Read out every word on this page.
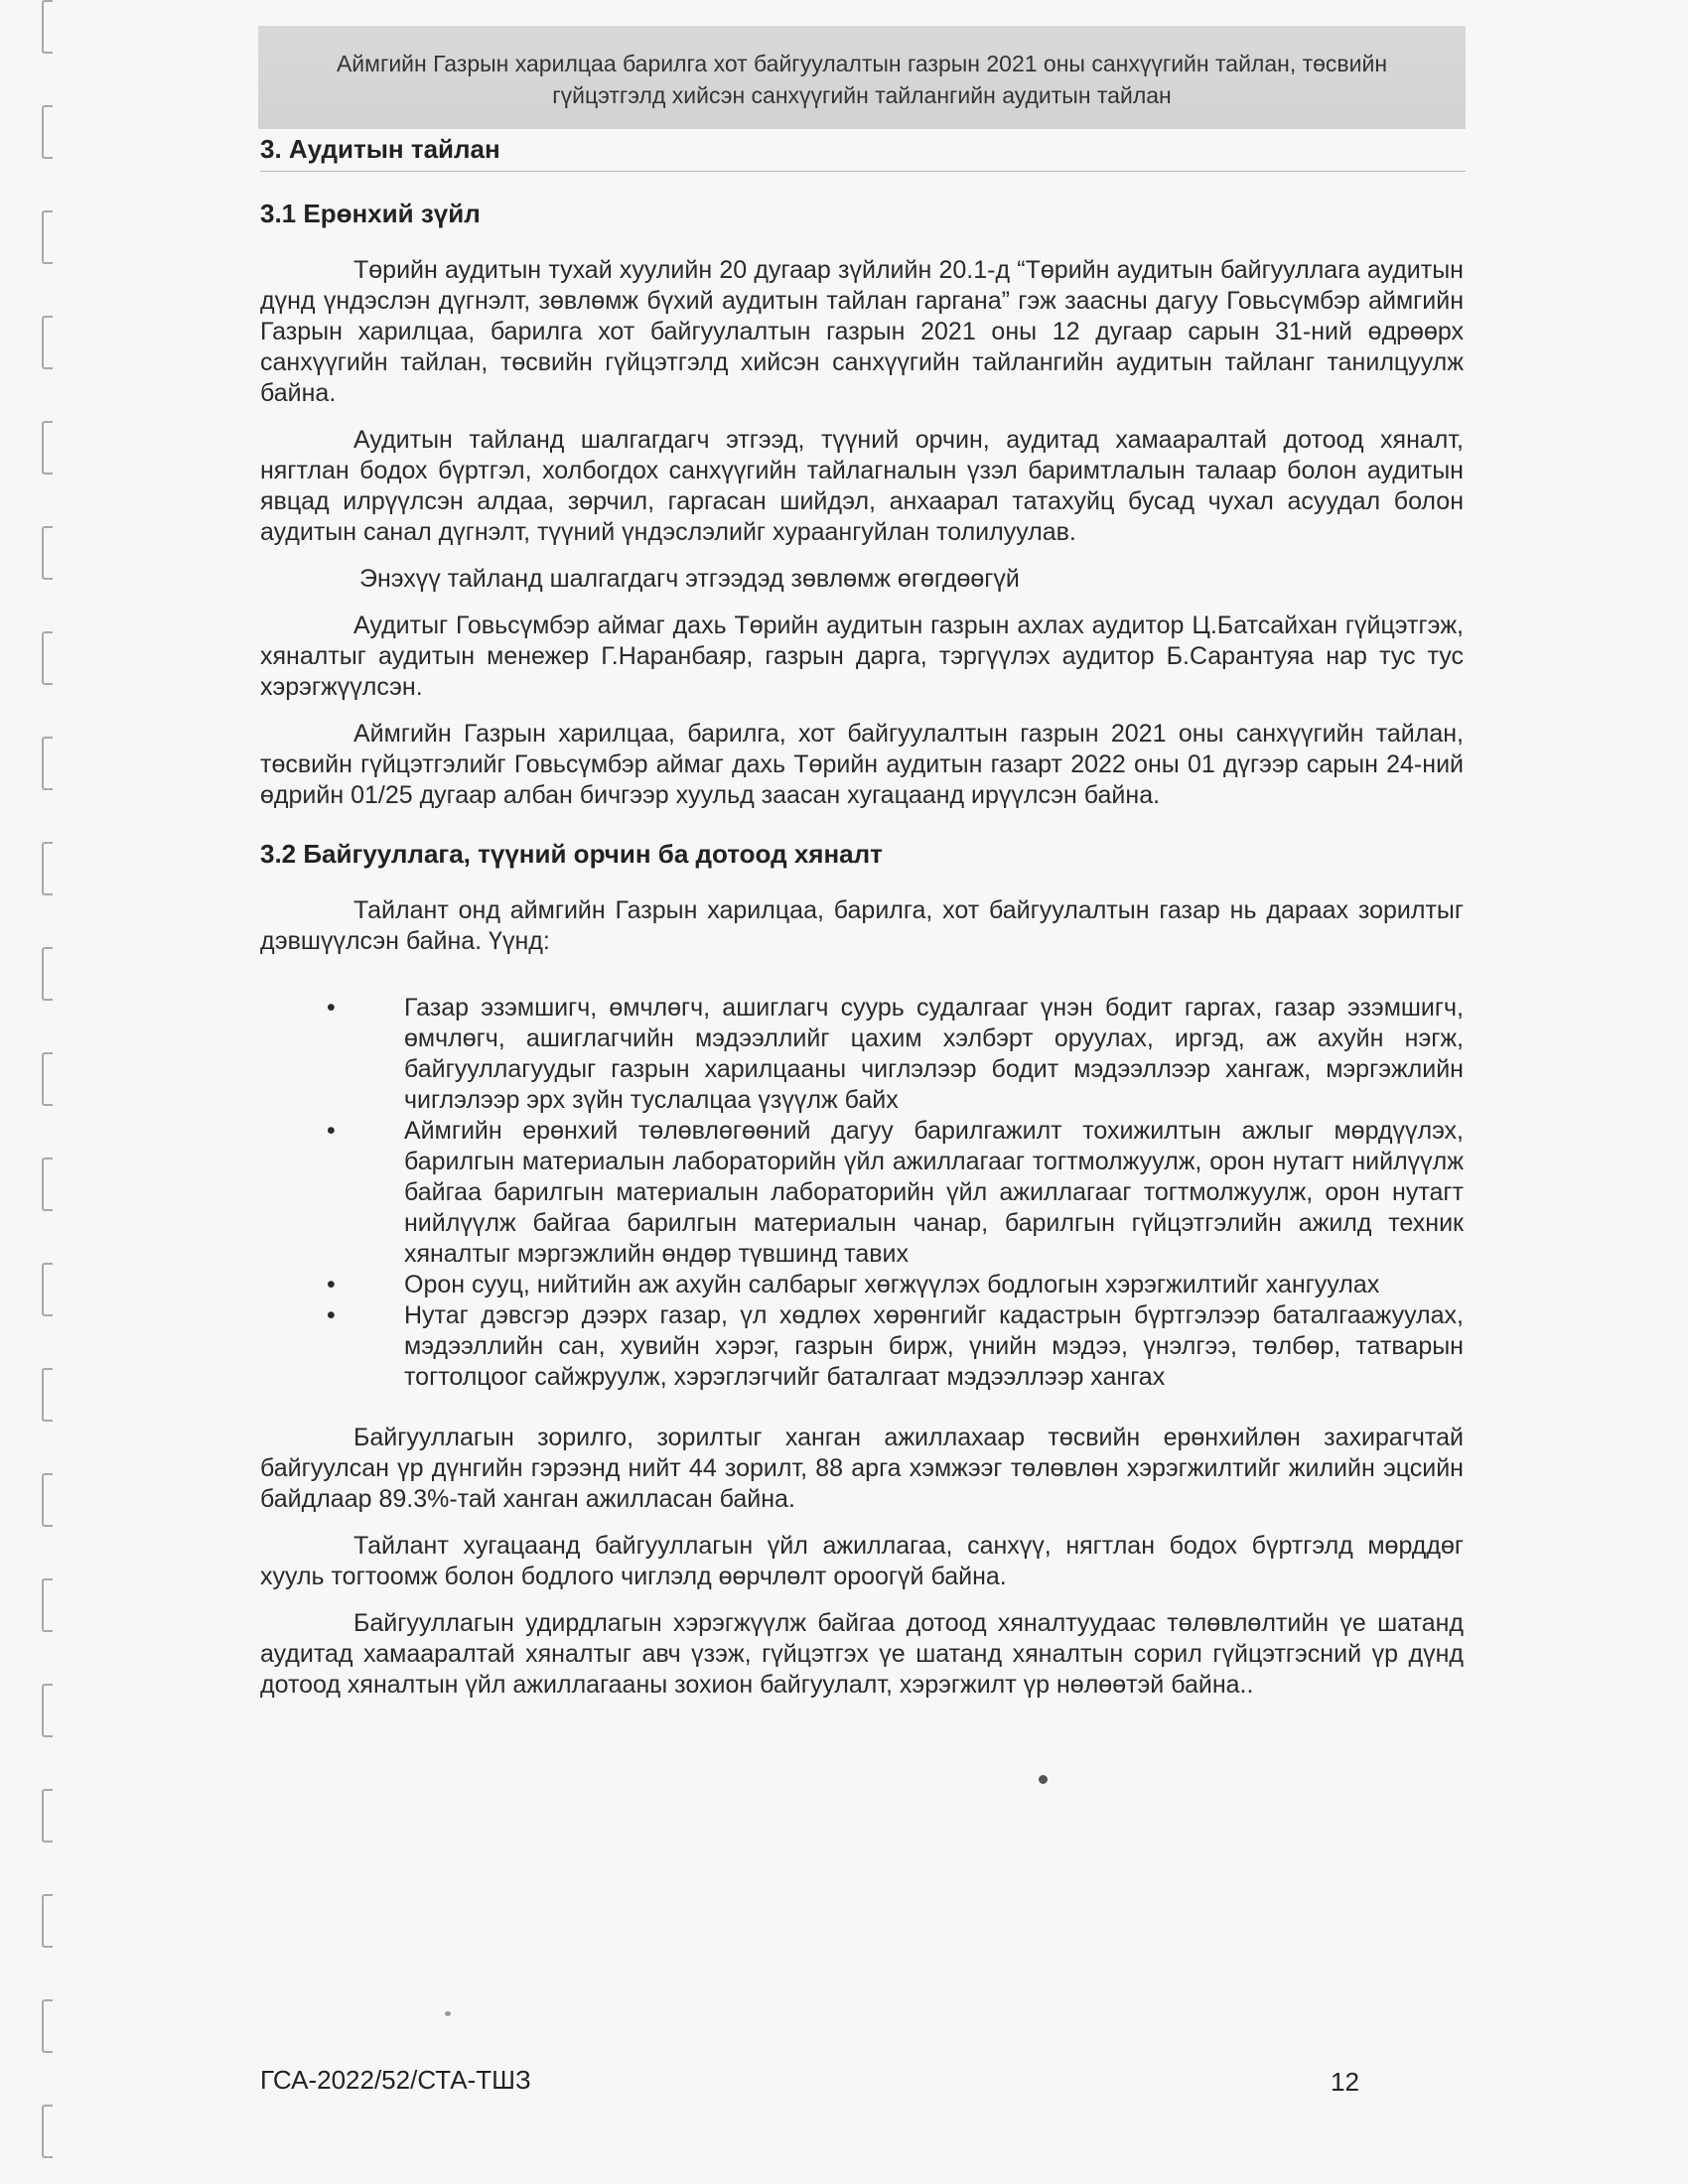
Аймгийн Газрын харилцаа барилга хот байгуулалтын газрын 2021 оны санхүүгийн тайлан, төсвийн
гүйцэтгэлд хийсэн санхүүгийн тайлангийн аудитын тайлан
3. Аудитын тайлан
3.1 Ерөнхий зүйл

Төрийн аудитын тухай хуулийн 20 дугаар зүйлийн 20.1-д “Төрийн аудитын байгууллага аудитын дүнд үндэслэн дүгнэлт, зөвлөмж бүхий аудитын тайлан гаргана” гэж заасны дагуу Говьсүмбэр аймгийн Газрын харилцаа, барилга хот байгуулалтын газрын 2021 оны 12 дугаар сарын 31-ний өдрөөрх санхүүгийн тайлан, төсвийн гүйцэтгэлд хийсэн санхүүгийн тайлангийн аудитын тайланг танилцуулж байна.

Аудитын тайланд шалгагдагч этгээд, түүний орчин, аудитад хамааралтай дотоод хяналт, нягтлан бодох бүртгэл, холбогдох санхүүгийн тайлагналын үзэл баримтлалын талаар болон аудитын явцад илрүүлсэн алдаа, зөрчил, гаргасан шийдэл, анхаарал татахуйц бусад чухал асуудал болон аудитын санал дүгнэлт, түүний үндэслэлийг хураангуйлан толилуулав.

Энэхүү тайланд шалгагдагч этгээдэд зөвлөмж өгөгдөөгүй

Аудитыг Говьсүмбэр аймаг дахь Төрийн аудитын газрын ахлах аудитор Ц.Батсайхан гүйцэтгэж, хяналтыг аудитын менежер Г.Наранбаяр, газрын дарга, тэргүүлэх аудитор Б.Сарантуяа нар тус тус хэрэгжүүлсэн.

Аймгийн Газрын харилцаа, барилга, хот байгуулалтын газрын 2021 оны санхүүгийн тайлан, төсвийн гүйцэтгэлийг Говьсүмбэр аймаг дахь Төрийн аудитын газарт 2022 оны 01 дүгээр сарын 24-ний өдрийн 01/25 дугаар албан бичгээр хуульд заасан хугацаанд ирүүлсэн байна.

3.2 Байгууллага, түүний орчин ба дотоод хяналт

Тайлант онд аймгийн Газрын харилцаа, барилга, хот байгуулалтын газар нь дараах зорилтыг дэвшүүлсэн байна. Үүнд:

•	Газар эзэмшигч, өмчлөгч, ашиглагч суурь судалгааг үнэн бодит гаргах, газар эзэмшигч, өмчлөгч, ашиглагчийн мэдээллийг цахим хэлбэрт оруулах, иргэд, аж ахуйн нэгж, байгууллагуудыг газрын харилцааны чиглэлээр бодит мэдээллээр хангаж, мэргэжлийн чиглэлээр эрх зүйн туслалцаа үзүүлж байх
•	Аймгийн ерөнхий төлөвлөгөөний дагуу барилгажилт тохижилтын ажлыг мөрдүүлэх, барилгын материалын лабораторийн үйл ажиллагааг тогтмолжуулж, орон нутагт нийлүүлж байгаа барилгын материалын лабораторийн үйл ажиллагааг тогтмолжуулж, орон нутагт нийлүүлж байгаа барилгын материалын чанар, барилгын гүйцэтгэлийн ажилд техник хяналтыг мэргэжлийн өндөр түвшинд тавих
•	Орон сууц, нийтийн аж ахуйн салбарыг хөгжүүлэх бодлогын хэрэгжилтийг хангуулах
•	Нутаг дэвсгэр дээрх газар, үл хөдлөх хөрөнгийг кадастрын бүртгэлээр баталгаажуулах, мэдээллийн сан, хувийн хэрэг, газрын бирж, үнийн мэдээ, үнэлгээ, төлбөр, татварын тогтолцоог сайжруулж, хэрэглэгчийг баталгаат мэдээллээр хангах

Байгууллагын зорилго, зорилтыг ханган ажиллахаар төсвийн ерөнхийлөн захирагчтай байгуулсан үр дүнгийн гэрээнд нийт 44 зорилт, 88 арга хэмжээг төлөвлөн хэрэгжилтийг жилийн эцсийн байдлаар 89.3%-тай ханган ажилласан байна.

Тайлант хугацаанд байгууллагын үйл ажиллагаа, санхүү, нягтлан бодох бүртгэлд мөрддөг хууль тогтоомж болон бодлого чиглэлд өөрчлөлт ороогүй байна.

Байгууллагын удирдлагын хэрэгжүүлж байгаа дотоод хяналтуудаас төлөвлөлтийн үе шатанд аудитад хамааралтай хяналтыг авч үзэж, гүйцэтгэх үе шатанд хяналтын сорил гүйцэтгэсний үр дүнд дотоод хяналтын үйл ажиллагааны зохион байгуулалт, хэрэгжилт үр нөлөөтэй байна..

ГСА-2022/52/СТА-ТШЗ	12
